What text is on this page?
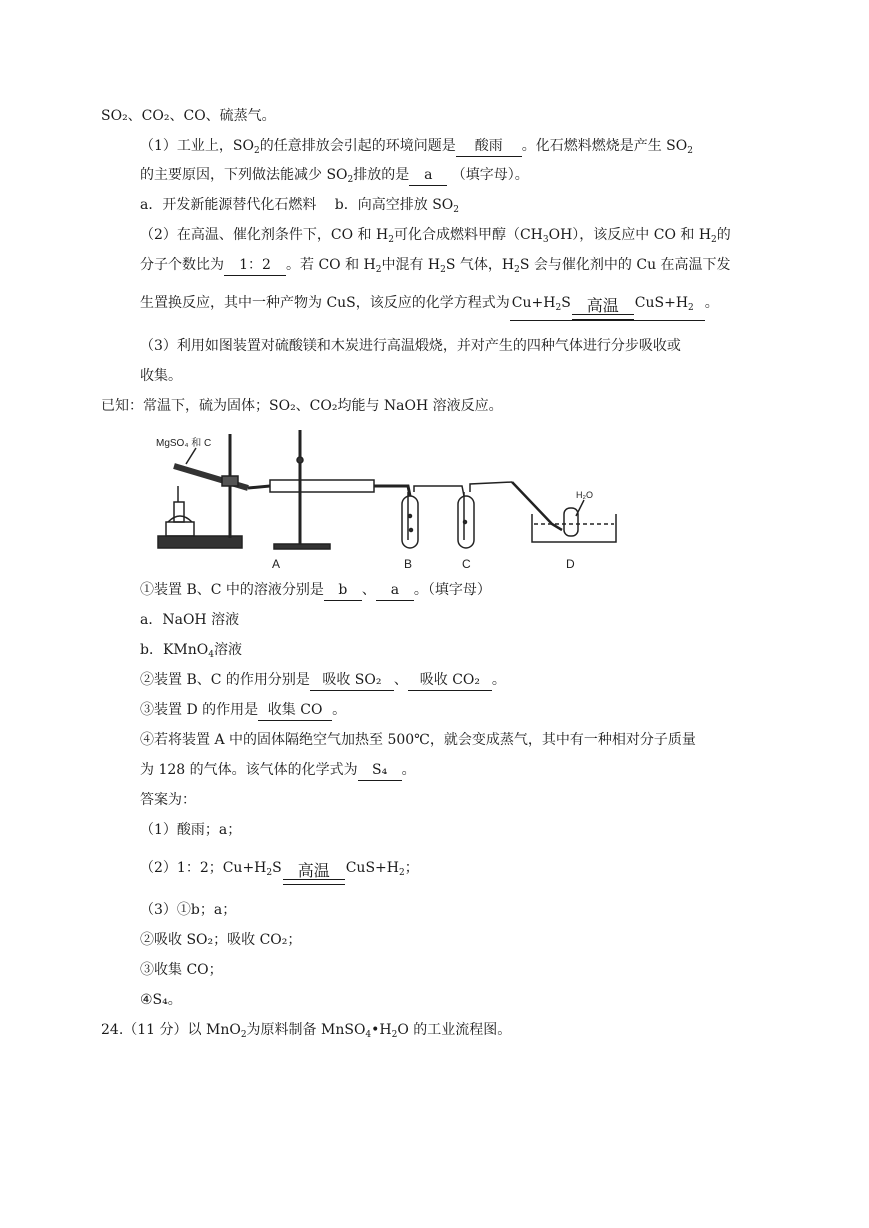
SO₂、CO₂、CO、硫蒸气。
（1）工业上，$SO_2$的任意排放会引起的环境问题是 酸雨 。化石燃料燃烧是产生 $SO_2$
的主要原因，下列做法能减少 $SO_2$排放的是 a （填字母）。
a．开发新能源替代化石燃料　 b．向高空排放 $SO_2$
（2）在高温、催化剂条件下，CO 和 $H_2$可化合成燃料甲醇$(CH_3OH)$，该反应中 CO 和 $H_2$的
分子个数比为 1：2 。若 CO 和 $H_2$中混有 $H_2S$ 气体，$H_2S$ 会与催化剂中的 Cu 在高温下发
生置换反应，其中一种产物为 CuS，该反应的化学方程式为 $Cu+H_2S$ 高温 $CuS+H_2$ 。
（3）利用如图装置对硫酸镁和木炭进行高温煅烧，并对产生的四种气体进行分步吸收或
收集。
已知：常温下，硫为固体；SO₂、CO₂均能与 NaOH 溶液反应。
MgSO₄ 和 C
H₂O
A	B	C	D
①装置 B、C 中的溶液分别是 b 、 a 。（填字母）
a．NaOH 溶液
b．KMnO$_4$溶液
②装置 B、C 的作用分别是 吸收 SO₂ 、 吸收 CO₂ 。
③装置 D 的作用是 收集 CO 。
④若将装置 A 中的固体隔绝空气加热至 500℃，就会变成蒸气，其中有一种相对分子质量
为 128 的气体。该气体的化学式为 S₄ 。
答案为：
（1）酸雨；a；
（2）1：2；$Cu+H_2S$ 高温 $CuS+H_2$；
（3）①b；a；
②吸收 SO₂；吸收 CO₂；
③收集 CO；
④S₄。
24.（11 分）以 MnO$_2$为原料制备 $MnSO_4•H_2O$ 的工业流程图。
